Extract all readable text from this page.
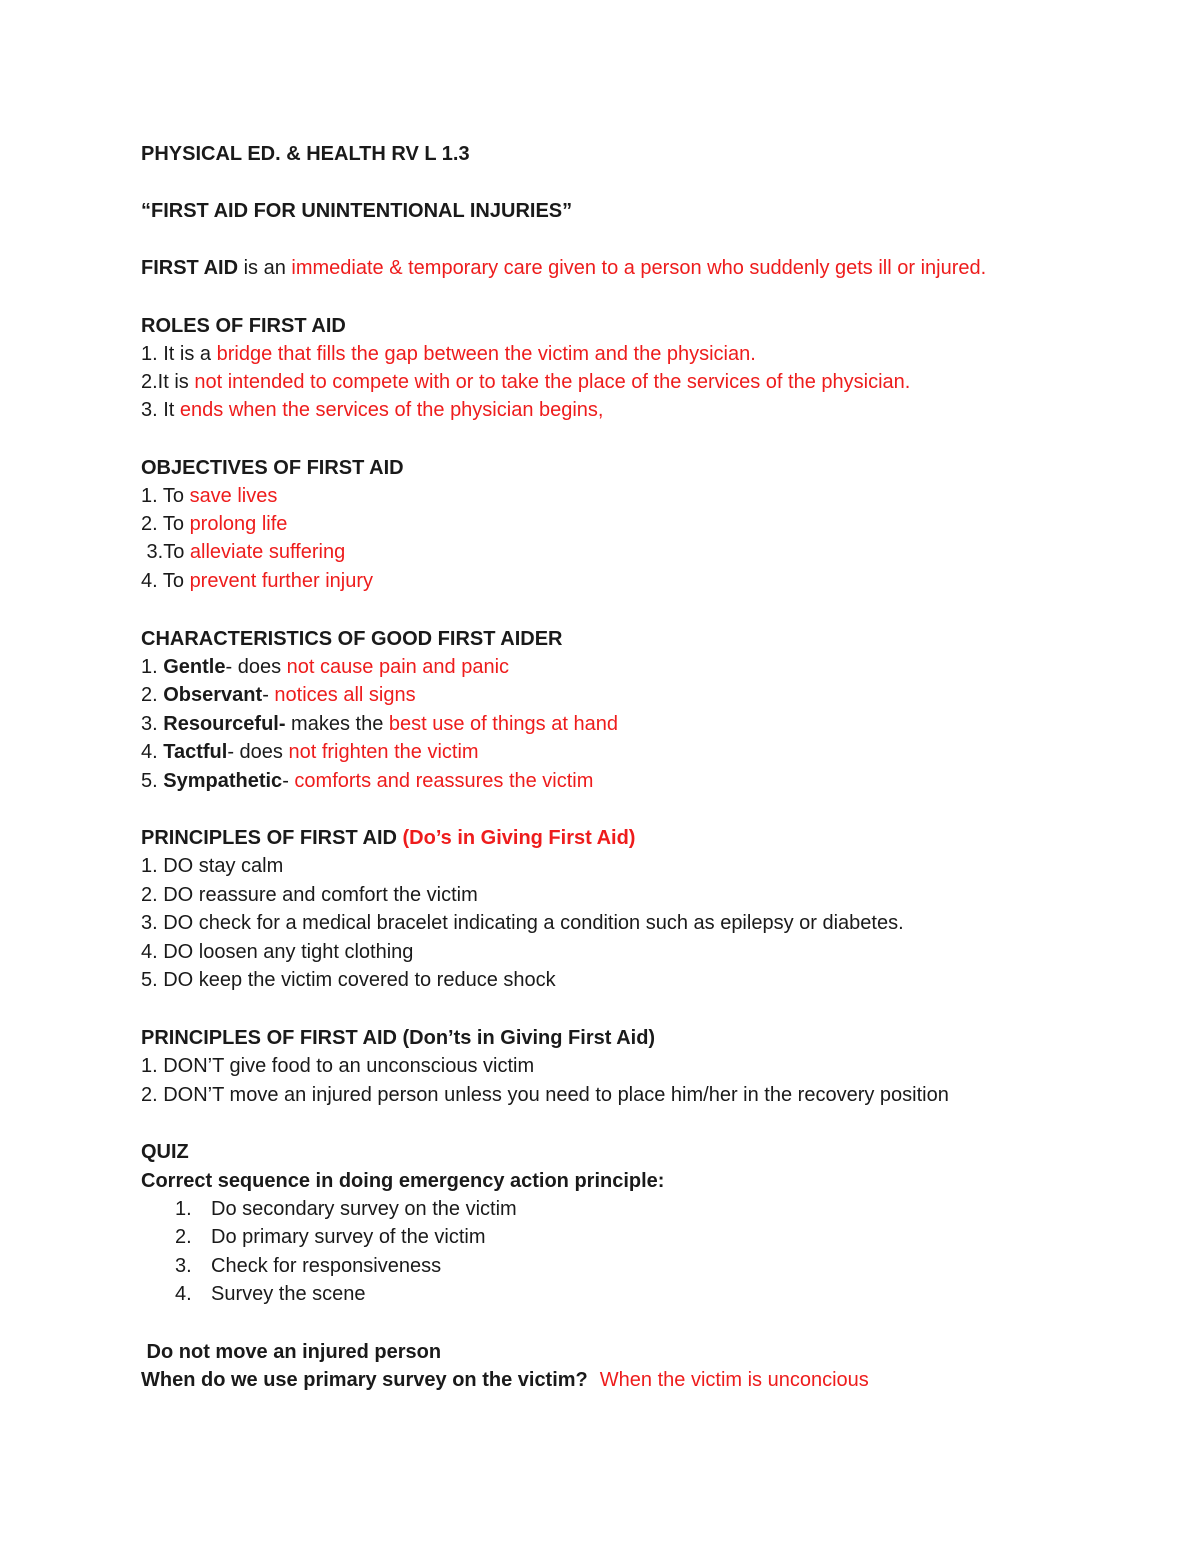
PHYSICAL ED. & HEALTH RV L 1.3
“FIRST AID FOR UNINTENTIONAL INJURIES”
FIRST AID is an immediate & temporary care given to a person who suddenly gets ill or injured.
ROLES OF FIRST AID
1. It is a bridge that fills the gap between the victim and the physician.
2.It is not intended to compete with or to take the place of the services of the physician.
3. It ends when the services of the physician begins,
OBJECTIVES OF FIRST AID
1. To save lives
2. To prolong life
3.To alleviate suffering
4. To prevent further injury
CHARACTERISTICS OF GOOD FIRST AIDER
1. Gentle- does not cause pain and panic
2. Observant- notices all signs
3. Resourceful- makes the best use of things at hand
4. Tactful- does not frighten the victim
5. Sympathetic- comforts and reassures the victim
PRINCIPLES OF FIRST AID (Do’s in Giving First Aid)
1. DO stay calm
2. DO reassure and comfort the victim
3. DO check for a medical bracelet indicating a condition such as epilepsy or diabetes.
4. DO loosen any tight clothing
5. DO keep the victim covered to reduce shock
PRINCIPLES OF FIRST AID (Don’ts in Giving First Aid)
1. DON’T give food to an unconscious victim
2. DON’T move an injured person unless you need to place him/her in the recovery position
QUIZ
Correct sequence in doing emergency action principle:
1. Do secondary survey on the victim
2. Do primary survey of the victim
3. Check for responsiveness
4. Survey the scene
Do not move an injured person
When do we use primary survey on the victim? When the victim is unconcious
